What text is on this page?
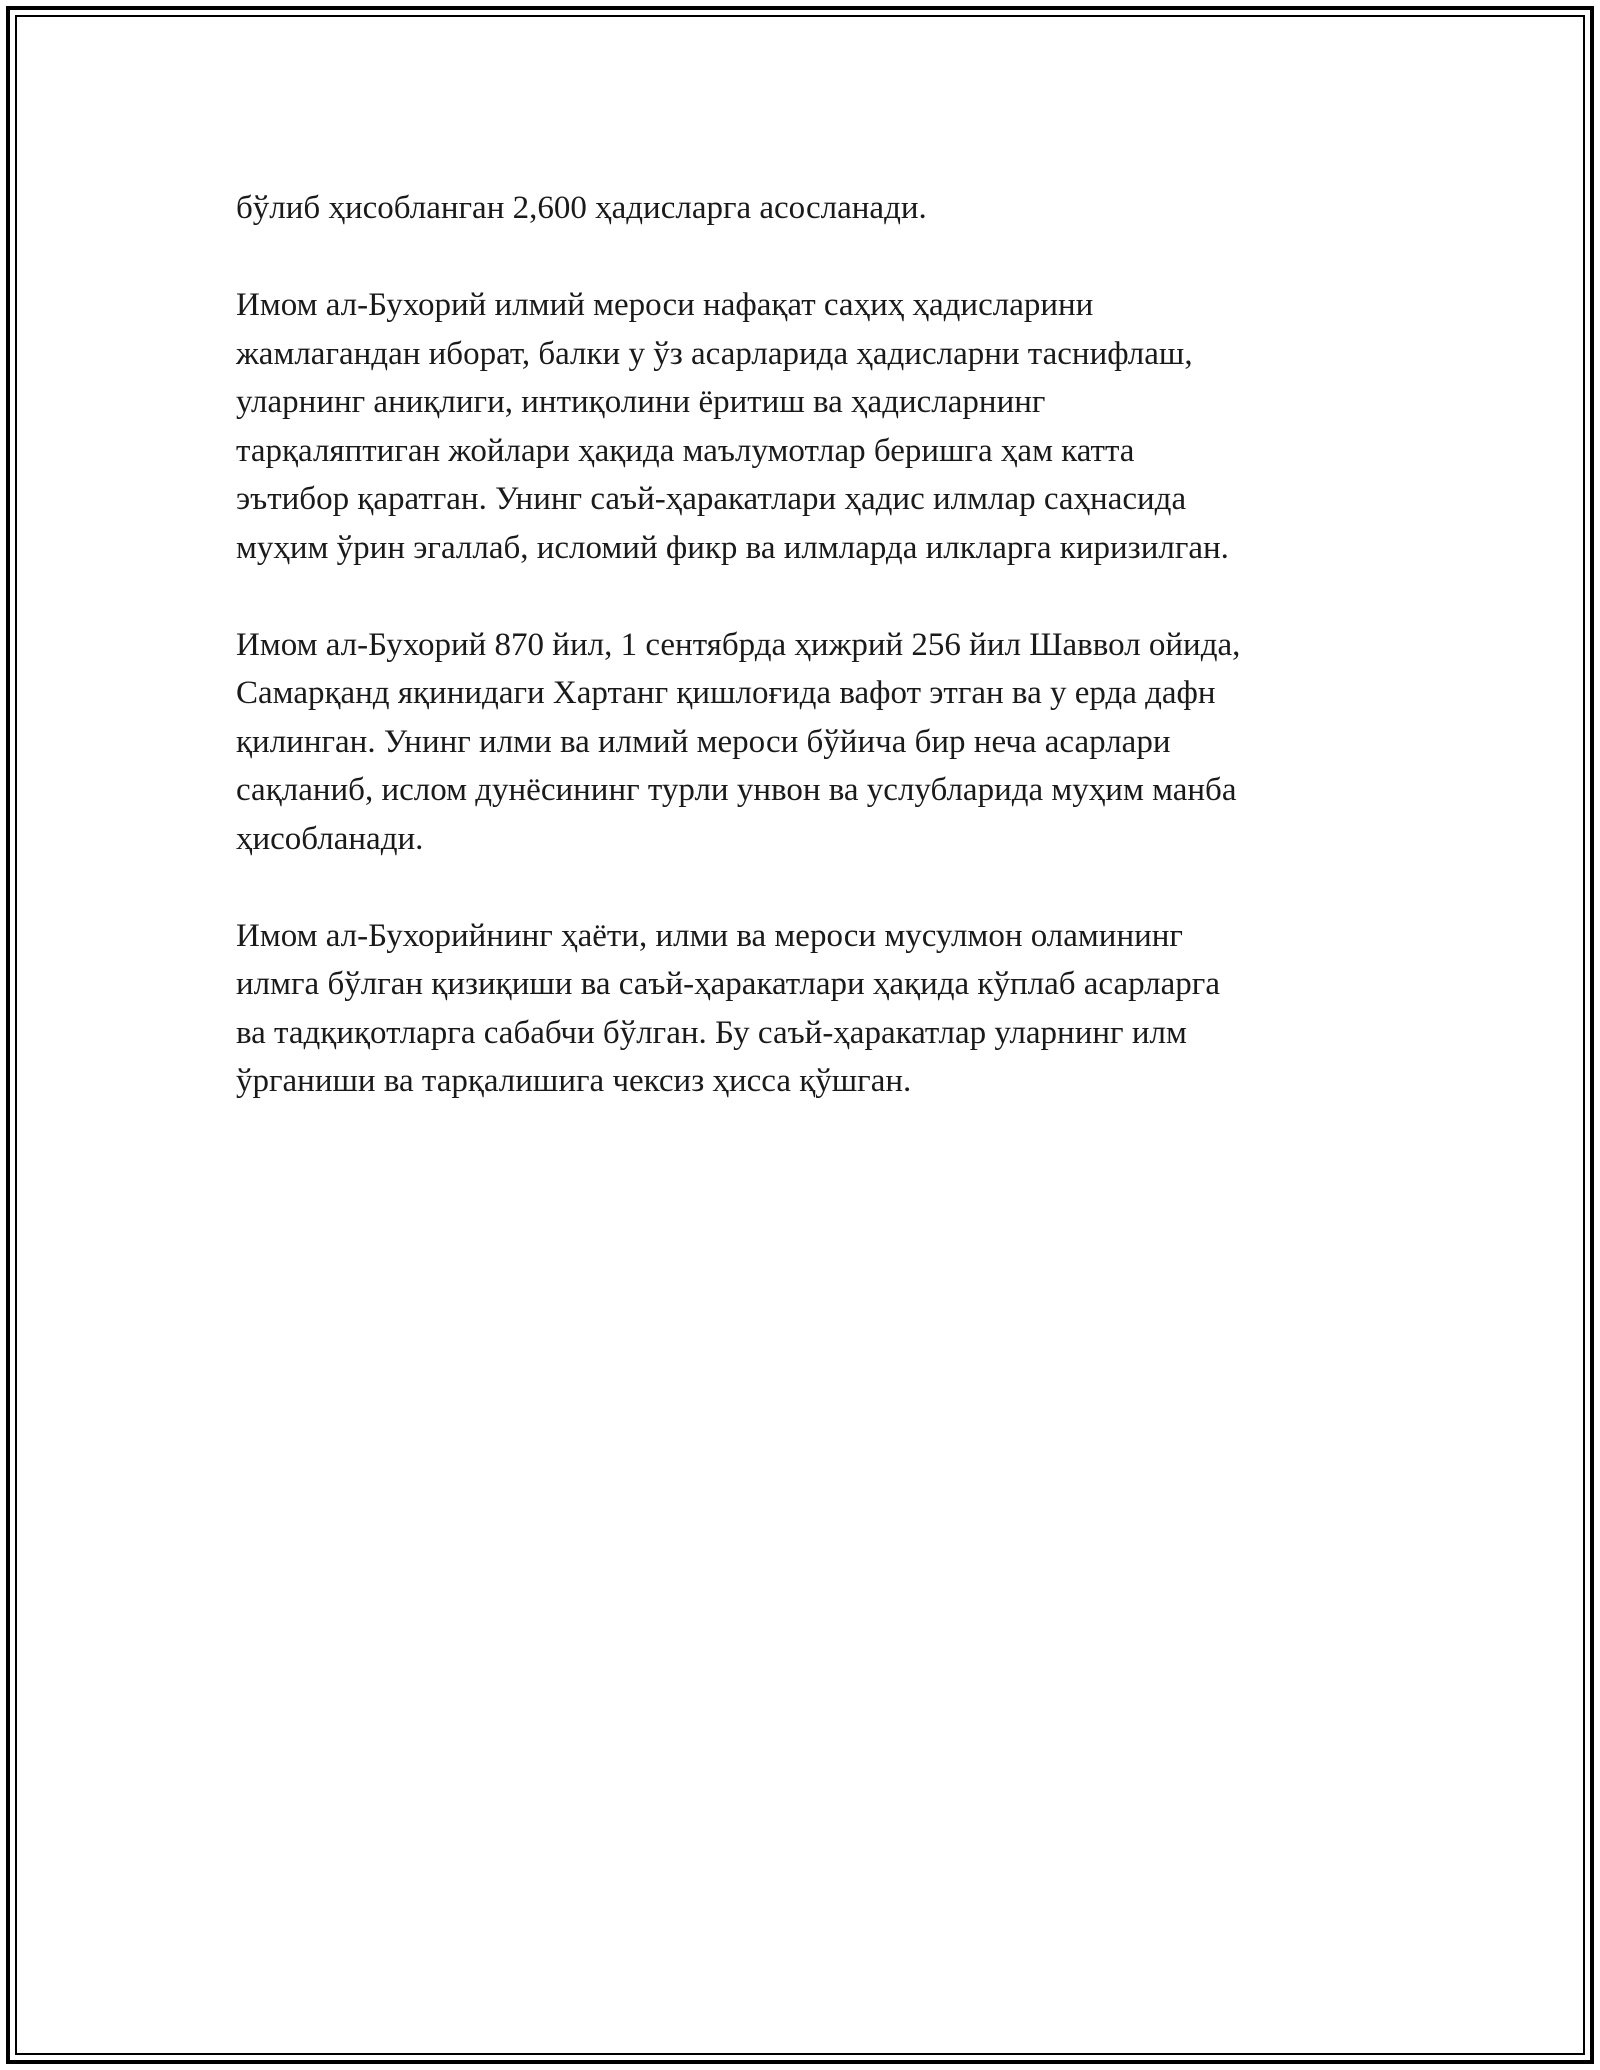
бўлиб ҳисобланган 2,600 ҳадисларга асосланади.

Имом ал-Бухорий илмий мероси нафақат саҳиҳ ҳадисларини
жамлагандан иборат, балки у ўз асарларида ҳадисларни таснифлаш,
уларнинг аниқлиги, интиқолини ёритиш ва ҳадисларнинг
тарқаляптиган жойлари ҳақида маълумотлар беришга ҳам катта
эътибор қаратган. Унинг саъй-ҳаракатлари ҳадис илмлар саҳнасида
муҳим ўрин эгаллаб, исломий фикр ва илмларда илкларга киризилган.

Имом ал-Бухорий 870 йил, 1 сентябрда ҳижрий 256 йил Шаввол ойида,
Самарқанд яқинидаги Хартанг қишлоғида вафот этган ва у ерда дафн
қилинган. Унинг илми ва илмий мероси бўйича бир неча асарлари
сақланиб, ислом дунёсининг турли унвон ва услубларида муҳим манба
ҳисобланади.

Имом ал-Бухорийнинг ҳаёти, илми ва мероси мусулмон оламининг
илмга бўлган қизиқиши ва саъй-ҳаракатлари ҳақида кўплаб асарларга
ва тадқиқотларга сабабчи бўлган. Бу саъй-ҳаракатлар уларнинг илм
ўрганиши ва тарқалишига чексиз ҳисса қўшган.
